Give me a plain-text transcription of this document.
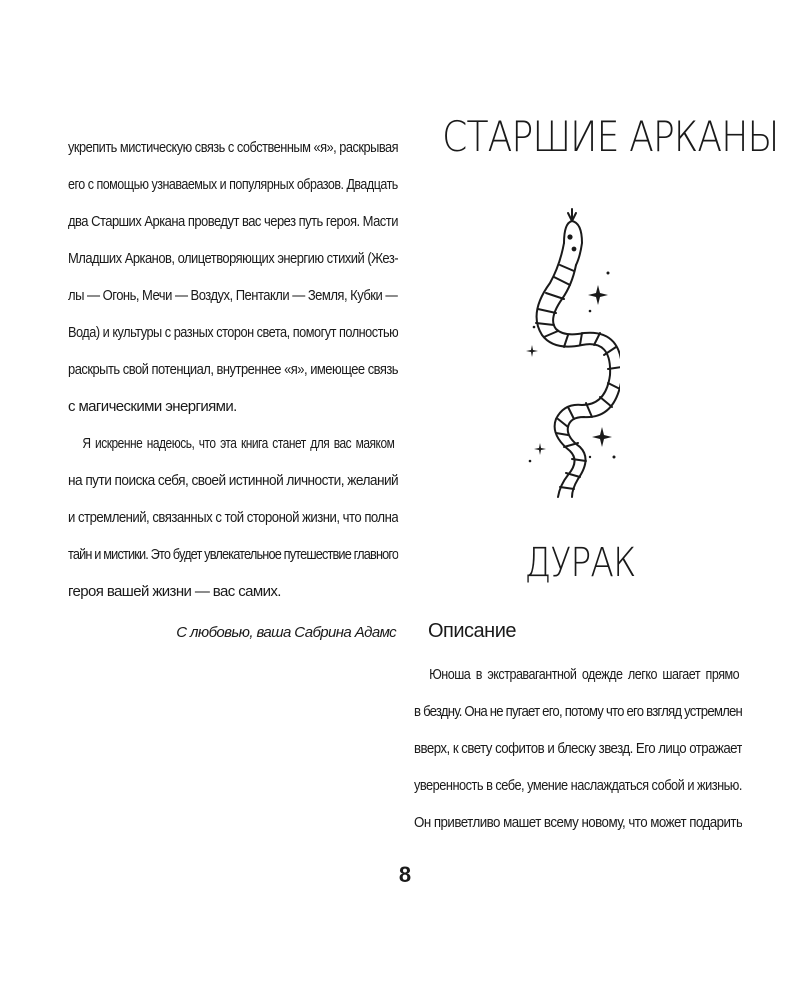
укрепить мистическую связь с собственным «я», раскрывая
его с помощью узнаваемых и популярных образов. Двадцать
два Старших Аркана проведут вас через путь героя. Масти
Младших Арканов, олицетворяющих энергию стихий (Жез-
лы — Огонь, Мечи — Воздух, Пентакли — Земля, Кубки —
Вода) и культуры с разных сторон света, помогут полностью
раскрыть свой потенциал, внутреннее «я», имеющее связь
с магическими энергиями.
Я искренне надеюсь, что эта книга станет для вас маяком
на пути поиска себя, своей истинной личности, желаний
и стремлений, связанных с той стороной жизни, что полна
тайн и мистики. Это будет увлекательное путешествие главного
героя вашей жизни — вас самих.
С любовью, ваша Сабрина Адамс
СТАРШИЕ АРКАНЫ
ДУРАК
Описание
Юноша в экстравагантной одежде легко шагает прямо
в бездну. Она не пугает его, потому что его взгляд устремлен
вверх, к свету софитов и блеску звезд. Его лицо отражает
уверенность в себе, умение наслаждаться собой и жизнью.
Он приветливо машет всему новому, что может подарить
8
